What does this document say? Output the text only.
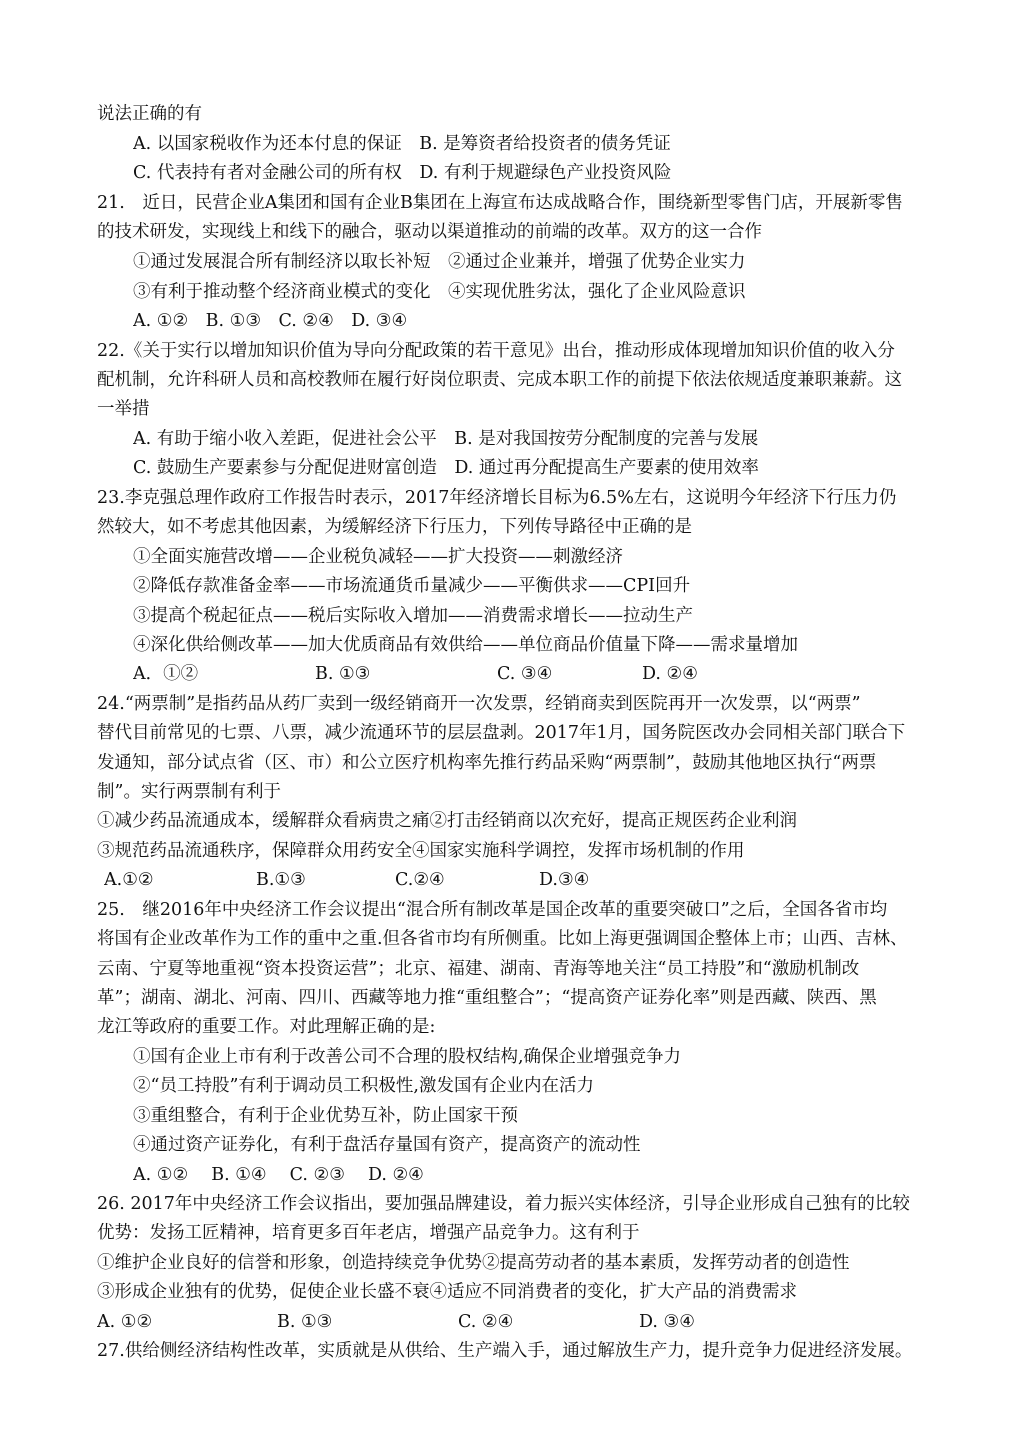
说法正确的有
A. 以国家税收作为还本付息的保证　B. 是筹资者给投资者的债务凭证
C. 代表持有者对金融公司的所有权　D. 有利于规避绿色产业投资风险
21.　近日，民营企业A集团和国有企业B集团在上海宣布达成战略合作，围绕新型零售门店，开展新零售
的技术研发，实现线上和线下的融合，驱动以渠道推动的前端的改革。双方的这一合作
①通过发展混合所有制经济以取长补短　②通过企业兼并，增强了优势企业实力
③有利于推动整个经济商业模式的变化　④实现优胜劣汰，强化了企业风险意识
A. ①②　B. ①③　C. ②④　D. ③④
22.《关于实行以增加知识价值为导向分配政策的若干意见》出台，推动形成体现增加知识价值的收入分
配机制，允许科研人员和高校教师在履行好岗位职责、完成本职工作的前提下依法依规适度兼职兼薪。这
一举措
A. 有助于缩小收入差距，促进社会公平　B. 是对我国按劳分配制度的完善与发展
C. 鼓励生产要素参与分配促进财富创造　D. 通过再分配提高生产要素的使用效率
23.李克强总理作政府工作报告时表示，2017年经济增长目标为6.5%左右，这说明今年经济下行压力仍
然较大，如不考虑其他因素，为缓解经济下行压力，下列传导路径中正确的是
①全面实施营改增——企业税负减轻——扩大投资——刺激经济
②降低存款准备金率——市场流通货币量减少——平衡供求——CPI回升
③提高个税起征点——税后实际收入增加——消费需求增长——拉动生产
④深化供给侧改革——加大优质商品有效供给——单位商品价值量下降——需求量增加
A．①②	B. ①③	C. ③④	D. ②④
24.“两票制”是指药品从药厂卖到一级经销商开一次发票，经销商卖到医院再开一次发票，以“两票”
替代目前常见的七票、八票，减少流通环节的层层盘剥。2017年1月，国务院医改办会同相关部门联合下
发通知，部分试点省（区、市）和公立医疗机构率先推行药品采购“两票制”，鼓励其他地区执行“两票
制”。实行两票制有利于
①减少药品流通成本，缓解群众看病贵之痛②打击经销商以次充好，提高正规医药企业利润
③规范药品流通秩序，保障群众用药安全④国家实施科学调控，发挥市场机制的作用
A.①②	B.①③	C.②④	D.③④
25.　继2016年中央经济工作会议提出“混合所有制改革是国企改革的重要突破口”之后，全国各省市均
将国有企业改革作为工作的重中之重.但各省市均有所侧重。比如上海更强调国企整体上市；山西、吉林、
云南、宁夏等地重视“资本投资运营”；北京、福建、湖南、青海等地关注“员工持股”和“激励机制改
革”；湖南、湖北、河南、四川、西藏等地力推“重组整合”；“提高资产证券化率”则是西藏、陕西、黑
龙江等政府的重要工作。对此理解正确的是:
①国有企业上市有利于改善公司不合理的股权结构,确保企业增强竞争力
②“员工持股”有利于调动员工积极性,激发国有企业内在活力
③重组整合，有利于企业优势互补，防止国家干预
④通过资产证券化，有利于盘活存量国有资产，提高资产的流动性
A. ①②　 B. ①④　 C. ②③　 D. ②④
26. 2017年中央经济工作会议指出，要加强品牌建设，着力振兴实体经济，引导企业形成自己独有的比较
优势：发扬工匠精神，培育更多百年老店，增强产品竞争力。这有利于
①维护企业良好的信誉和形象，创造持续竞争优势②提高劳动者的基本素质，发挥劳动者的创造性
③形成企业独有的优势，促使企业长盛不衰④适应不同消费者的变化，扩大产品的消费需求
A. ①②	B. ①③	C. ②④	D. ③④
27.供给侧经济结构性改革，实质就是从供给、生产端入手，通过解放生产力，提升竞争力促进经济发展。
